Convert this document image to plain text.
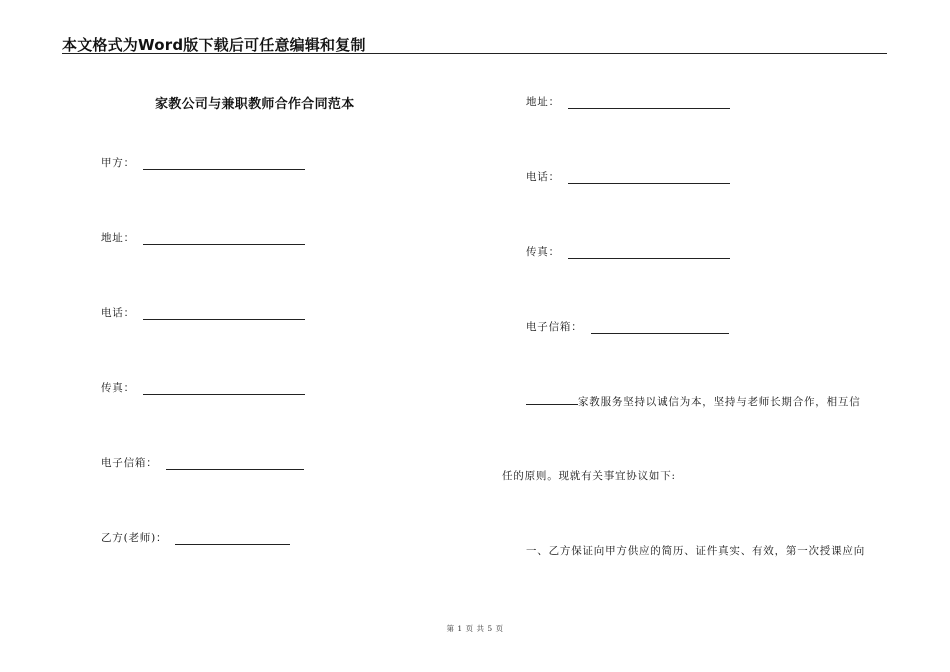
本文格式为Word版下载后可任意编辑和复制
家教公司与兼职教师合作合同范本
甲方：
地址：
电话：
传真：
电子信箱：
乙方(老师)：
地址：
电话：
传真：
电子信箱：
家教服务坚持以诚信为本，坚持与老师长期合作，相互信
任的原则。现就有关事宜协议如下:
一、乙方保证向甲方供应的简历、证件真实、有效，第一次授课应向
第 1 页 共 5 页
